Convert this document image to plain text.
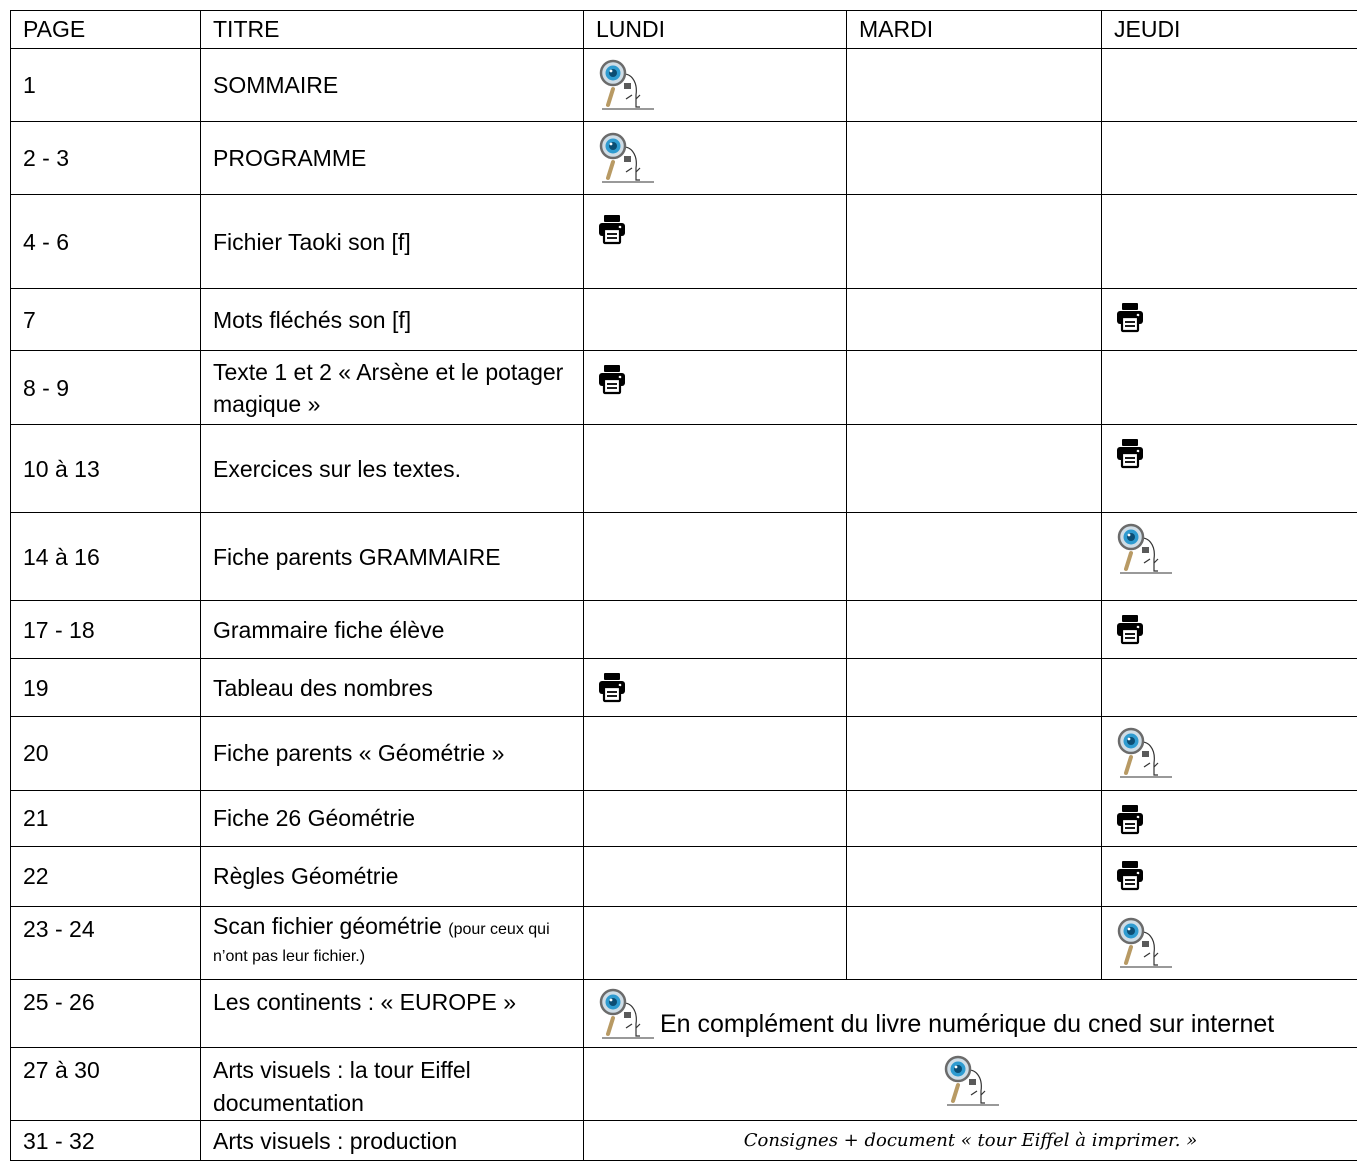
PAGE	TITRE	LUNDI	MARDI	JEUDI
1	SOMMAIRE	

2 - 3	PROGRAMME	

4 - 6	Fichier Taoki son [f]	

7	Mots fléchés son [f]			

8 - 9	Texte 1 et 2 « Arsène et le potager magique »	

10 à 13	Exercices sur les textes.			

14 à 16	Fiche parents GRAMMAIRE			

17 - 18	Grammaire fiche élève			

19	Tableau des nombres	

20	Fiche parents « Géométrie »			

21	Fiche 26 Géométrie			

22	Règles Géométrie			

23 - 24	Scan fichier géométrie (pour ceux qui n’ont pas leur fichier.)			

25 - 26	Les continents : « EUROPE »	En complément du livre numérique du cned sur internet		
27 à 30	Arts visuels : la tour Eiffel documentation	

31 - 32	Arts visuels : production	Consignes + document « tour Eiffel à imprimer. »		
